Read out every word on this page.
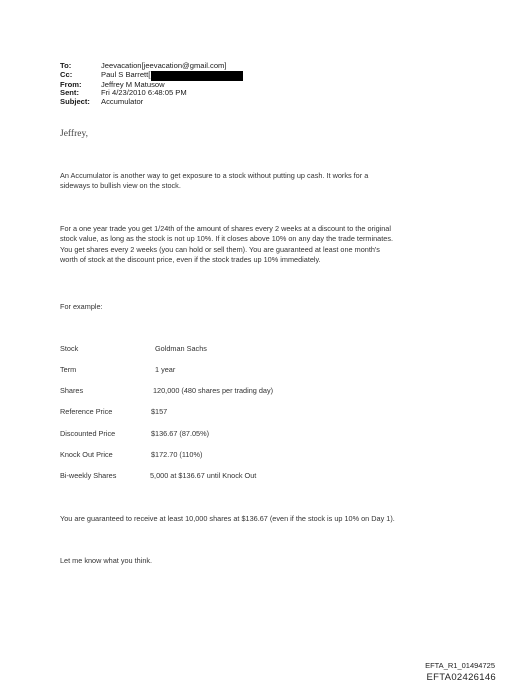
To:	Jeevacation[jeevacation@gmail.com]
Cc:	Paul S Barrett[
From:	Jeffrey M Matusow
Sent:	Fri 4/23/2010 6:48:05 PM
Subject:	Accumulator
Jeffrey,
An Accumulator is another way to get exposure to a stock without putting up cash. It works for a
sideways to bullish view on the stock.
For a one year trade you get 1/24th of the amount of shares every 2 weeks at a discount to the original
stock value, as long as the stock is not up 10%. If it closes above 10% on any day the trade terminates.
You get shares every 2 weeks (you can hold or sell them). You are guaranteed at least one month's
worth of stock at the discount price, even if the stock trades up 10% immediately.
For example:
Stock	Goldman Sachs
Term	1 year
Shares	120,000 (480 shares per trading day)
Reference Price	$157
Discounted Price	$136.67 (87.05%)
Knock Out Price	$172.70 (110%)
Bi-weekly Shares	5,000 at $136.67 until Knock Out
You are guaranteed to receive at least 10,000 shares at $136.67 (even if the stock is up 10% on Day 1).
Let me know what you think.
EFTA_R1_01494725
EFTA02426146
